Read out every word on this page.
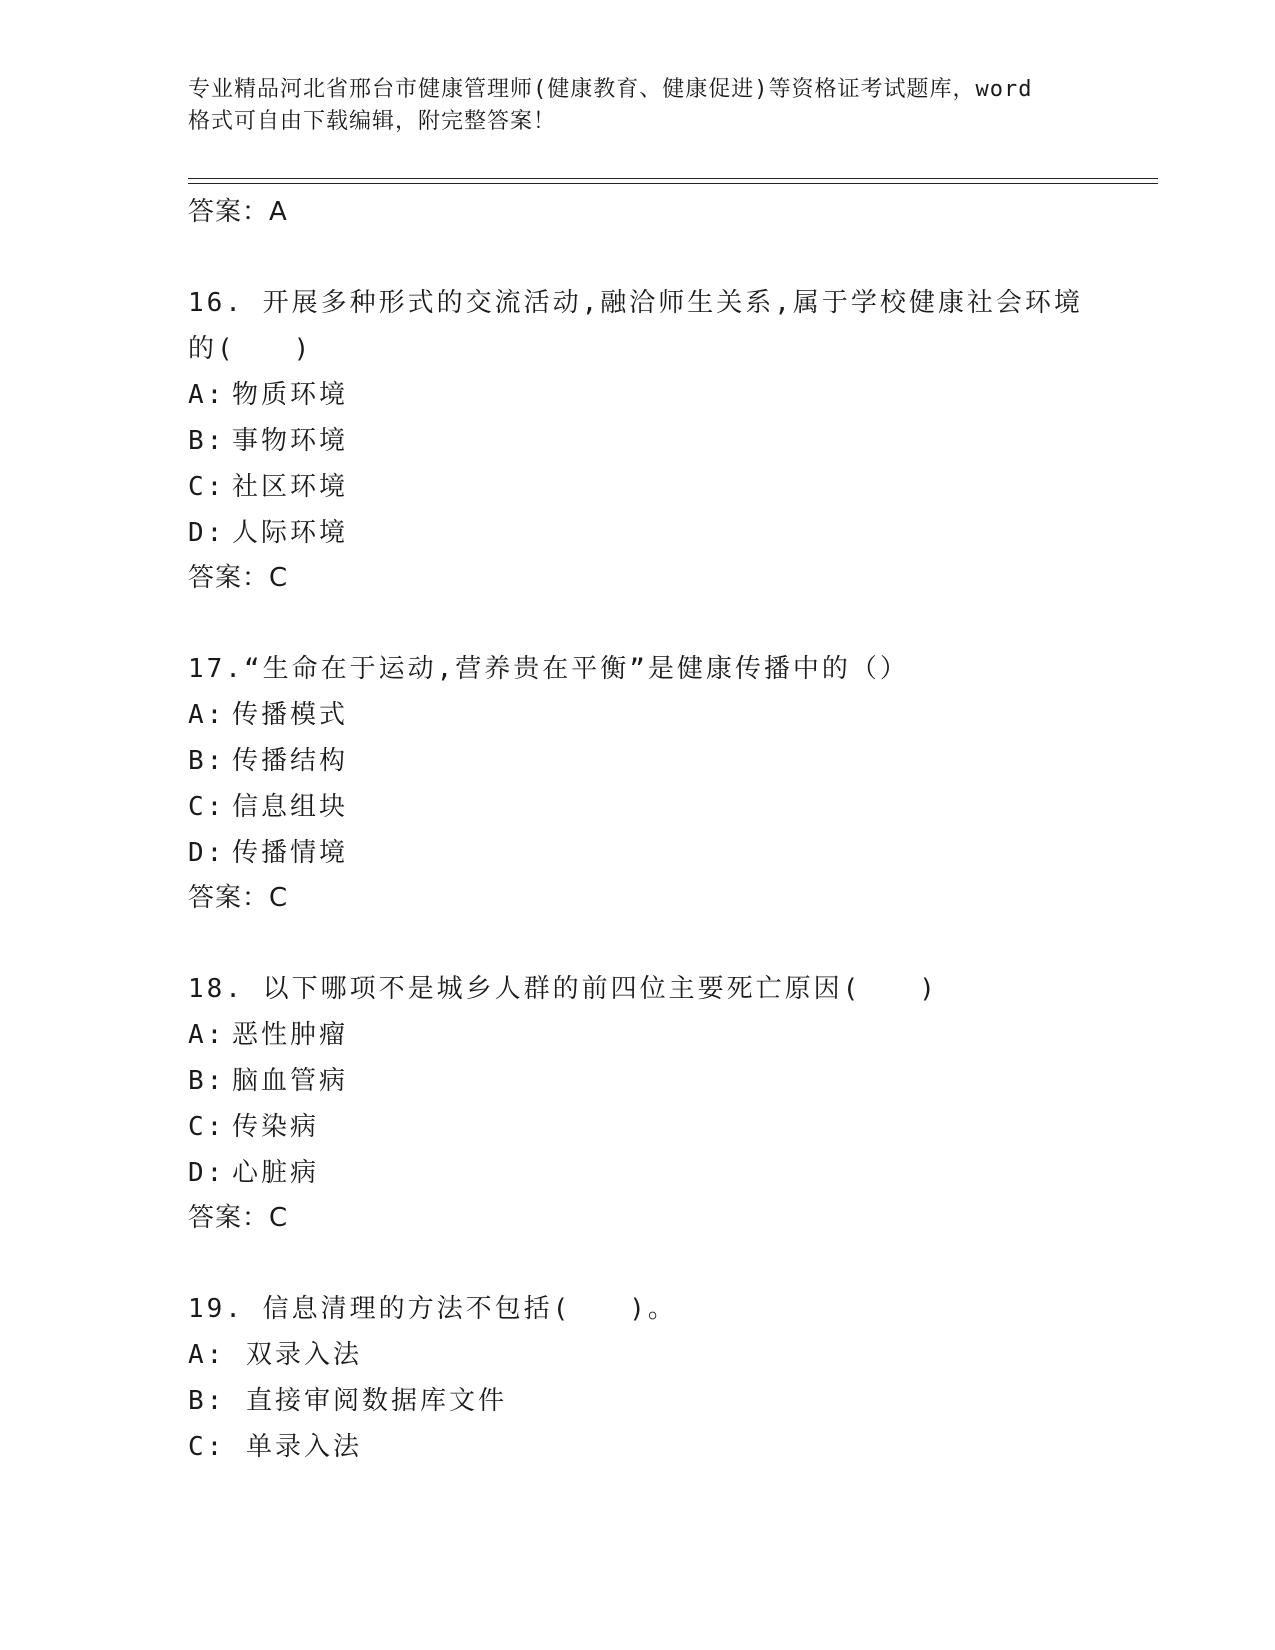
专业精品河北省邢台市健康管理师(健康教育、健康促进)等资格证考试题库，word
格式可自由下载编辑，附完整答案！
答案：A
16. 开展多种形式的交流活动,融洽师生关系,属于学校健康社会环境
的(　　)
A: 物质环境
B: 事物环境
C: 社区环境
D: 人际环境
答案：C
17.“生命在于运动,营养贵在平衡”是健康传播中的（）
A: 传播模式
B: 传播结构
C: 信息组块
D: 传播情境
答案：C
18. 以下哪项不是城乡人群的前四位主要死亡原因(　　)
A: 恶性肿瘤
B: 脑血管病
C: 传染病
D: 心脏病
答案：C
19. 信息清理的方法不包括(　　)。
A: 双录入法
B: 直接审阅数据库文件
C: 单录入法
